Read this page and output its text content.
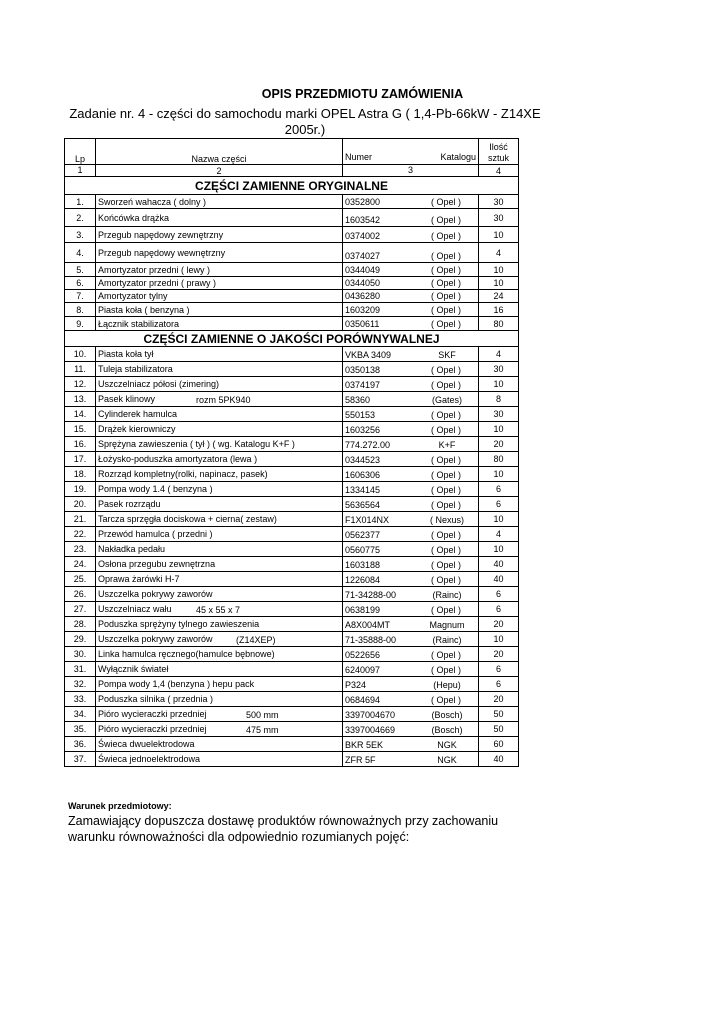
OPIS PRZEDMIOTU ZAMÓWIENIA
Zadanie nr. 4 - części do samochodu marki OPEL Astra G ( 1,4-Pb-66kW - Z14XE 2005r.)
Lp	Nazwa części	Numer Katalogu	Ilość sztuk
1	2	3	4
CZĘŚCI ZAMIENNE ORYGINALNE			
1.	Sworzeń wahacza ( dolny )	0352800 ( Opel )	30
2.	Końcówka drążka	1603542 ( Opel )	30
3.	Przegub napędowy zewnętrzny	0374002 ( Opel )	10
4.	Przegub napędowy wewnętrzny	0374027 ( Opel )	4
5.	Amortyzator przedni ( lewy )	0344049 ( Opel )	10
6.	Amortyzator przedni ( prawy )	0344050 ( Opel )	10
7.	Amortyzator tylny	0436280 ( Opel )	24
8.	Piasta koła ( benzyna )	1603209 ( Opel )	16
9.	Łącznik stabilizatora	0350611 ( Opel )	80
CZĘŚCI ZAMIENNE O JAKOŚCI PORÓWNYWALNEJ			
10.	Piasta koła tył	VKBA 3409 SKF	4
11.	Tuleja stabilizatora	0350138 ( Opel )	30
12.	Uszczelniacz półosi (zimering)	0374197 ( Opel )	10
13.	Pasek klinowy rozm 5PK940	58360 (Gates)	8
14.	Cylinderek hamulca	550153 ( Opel )	30
15.	Drążek kierowniczy	1603256 ( Opel )	10
16.	Sprężyna zawieszenia ( tył ) ( wg. Katalogu K+F )	774.272.00 K+F	20
17.	Łożysko-poduszka amortyzatora (lewa )	0344523 ( Opel )	80
18.	Rozrząd kompletny(rolki, napinacz, pasek)	1606306 ( Opel )	10
19.	Pompa wody 1.4 ( benzyna )	1334145 ( Opel )	6
20.	Pasek rozrządu	5636564 ( Opel )	6
21.	Tarcza sprzęgła dociskowa + cierna( zestaw)	F1X014NX ( Nexus)	10
22.	Przewód hamulca ( przedni )	0562377 ( Opel )	4
23.	Nakładka pedału	0560775 ( Opel )	10
24.	Osłona przegubu zewnętrzna	1603188 ( Opel )	40
25.	Oprawa żarówki H-7	1226084 ( Opel )	40
26.	Uszczelka pokrywy zaworów	71-34288-00 (Rainc)	6
27.	Uszczelniacz wału 45 x 55 x 7	0638199 ( Opel )	6
28.	Poduszka sprężyny tylnego zawieszenia	A8X004MT Magnum	20
29.	Uszczelka pokrywy zaworów (Z14XEP)	71-35888-00 (Rainc)	10
30.	Linka hamulca ręcznego(hamulce bębnowe)	0522656 ( Opel )	20
31.	Wyłącznik świateł	6240097 ( Opel )	6
32.	Pompa wody 1,4 (benzyna ) hepu pack	P324 (Hepu)	6
33.	Poduszka silnika ( przednia )	0684694 ( Opel )	20
34.	Pióro wycieraczki przedniej 500 mm	3397004670 (Bosch)	50
35.	Pióro wycieraczki przedniej 475 mm	3397004669 (Bosch)	50
36.	Świeca dwuelektrodowa	BKR 5EK NGK	60
37.	Świeca jednoelektrodowa	ZFR 5F NGK	40
Warunek przedmiotowy:
Zamawiający dopuszcza dostawę produktów równoważnych przy zachowaniu warunku równoważności dla odpowiednio rozumianych pojęć:
